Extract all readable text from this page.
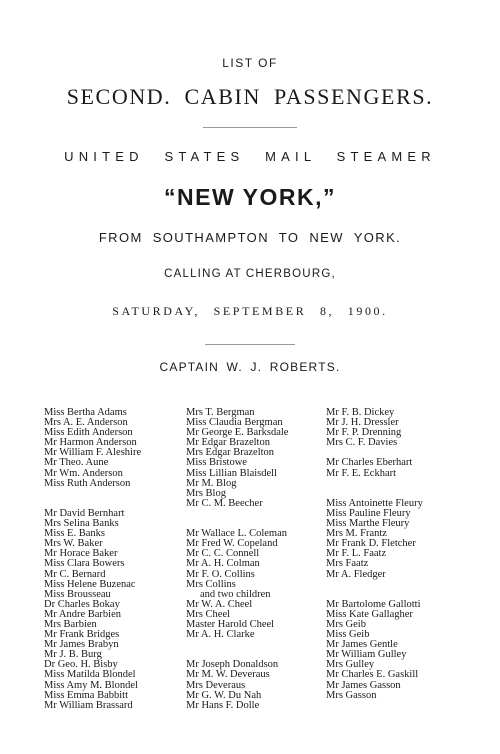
LIST OF
SECOND. CABIN PASSENGERS.
UNITED STATES MAIL STEAMER
“NEW YORK,”
FROM SOUTHAMPTON TO NEW YORK.
CALLING AT CHERBOURG,
SATURDAY, SEPTEMBER 8, 1900.
CAPTAIN W. J. ROBERTS.
Miss Bertha Adams
Mrs A. E. Anderson
Miss Edith Anderson
Mr Harmon Anderson
Mr William F. Aleshire
Mr Theo. Aune
Mr Wm. Anderson
Miss Ruth Anderson
Mr David Bernhart
Mrs Selina Banks
Miss E. Banks
Mrs W. Baker
Mr Horace Baker
Miss Clara Bowers
Mr C. Bernard
Miss Helene Buzenac
Miss Brousseau
Dr Charles Bokay
Mr Andre Barbien
Mrs Barbien
Mr Frank Bridges
Mr James Brabyn
Mr J. B. Burg
Dr Geo. H. Bisby
Miss Matilda Blondel
Miss Amy M. Blondel
Miss Emma Babbitt
Mr William Brassard
Mrs T. Bergman
Miss Claudia Bergman
Mr George E. Barksdale
Mr Edgar Brazelton
Mrs Edgar Brazelton
Miss Bristowe
Miss Lillian Blaisdell
Mr M. Blog
Mrs Blog
Mr C. M. Beecher
Mr Wallace L. Coleman
Mr Fred W. Copeland
Mr C. C. Connell
Mr A. H. Colman
Mr F. O. Collins
Mrs Collins
and two children
Mr W. A. Cheel
Mrs Cheel
Master Harold Cheel
Mr A. H. Clarke
Mr Joseph Donaldson
Mr M. W. Deveraus
Mrs Deveraus
Mr G. W. Du Nah
Mr Hans F. Dolle
Mr F. B. Dickey
Mr J. H. Dressler
Mr F. P. Drenning
Mrs C. F. Davies
Mr Charles Eberhart
Mr F. E. Eckhart
Miss Antoinette Fleury
Miss Pauline Fleury
Miss Marthe Fleury
Mrs M. Frantz
Mr Frank D. Fletcher
Mr F. L. Faatz
Mrs Faatz
Mr A. Fledger
Mr Bartolome Gallotti
Miss Kate Gallagher
Mrs Geib
Miss Geib
Mr James Gentle
Mr William Gulley
Mrs Gulley
Mr Charles E. Gaskill
Mr James Gasson
Mrs Gasson
